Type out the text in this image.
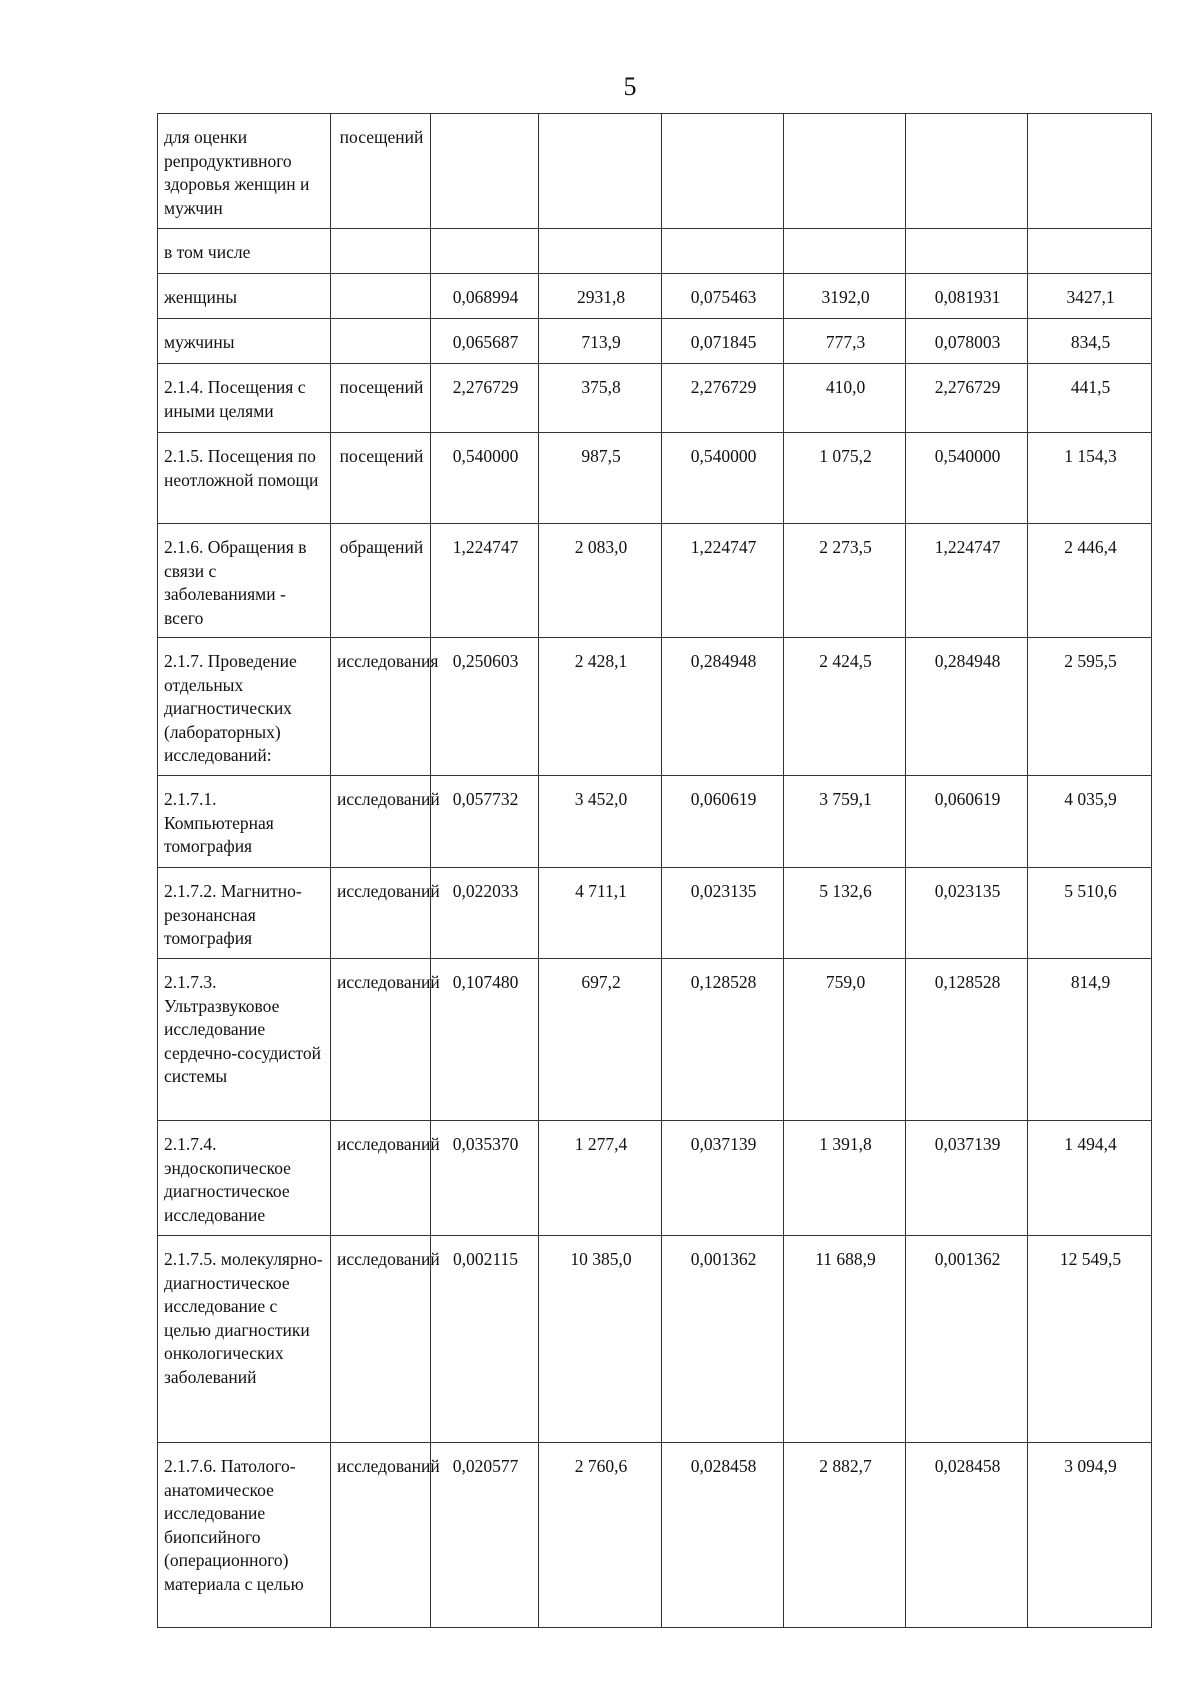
5
для оценки репродуктивного здоровья женщин и мужчин	посещений						
в том числе							
женщины		0,068994	2931,8	0,075463	3192,0	0,081931	3427,1
мужчины		0,065687	713,9	0,071845	777,3	0,078003	834,5
2.1.4. Посещения с иными целями	посещений	2,276729	375,8	2,276729	410,0	2,276729	441,5
2.1.5. Посещения по неотложной помощи	посещений	0,540000	987,5	0,540000	1 075,2	0,540000	1 154,3
2.1.6. Обращения в связи с заболеваниями - всего	обращений	1,224747	2 083,0	1,224747	2 273,5	1,224747	2 446,4
2.1.7. Проведение отдельных диагностических (лабораторных) исследований:	исследования	0,250603	2 428,1	0,284948	2 424,5	0,284948	2 595,5
2.1.7.1. Компьютерная томография	исследований	0,057732	3 452,0	0,060619	3 759,1	0,060619	4 035,9
2.1.7.2. Магнитно-резонансная томография	исследований	0,022033	4 711,1	0,023135	5 132,6	0,023135	5 510,6
2.1.7.3. Ультразвуковое исследование сердечно-сосудистой системы	исследований	0,107480	697,2	0,128528	759,0	0,128528	814,9
2.1.7.4. эндоскопическое диагностическое исследование	исследований	0,035370	1 277,4	0,037139	1 391,8	0,037139	1 494,4
2.1.7.5. молекулярно-диагностическое исследование с целью диагностики онкологических заболеваний	исследований	0,002115	10 385,0	0,001362	11 688,9	0,001362	12 549,5
2.1.7.6. Патолого-анатомическое исследование биопсийного (операционного) материала с целью	исследований	0,020577	2 760,6	0,028458	2 882,7	0,028458	3 094,9
